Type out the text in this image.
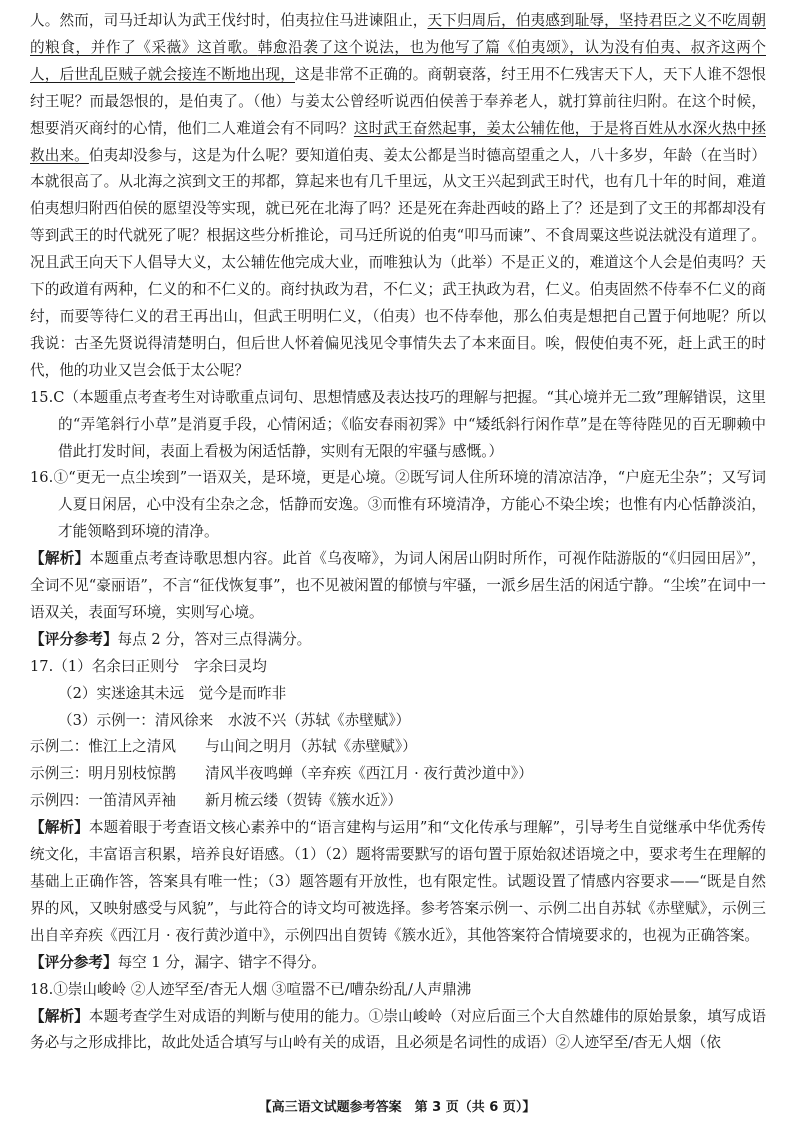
人。然而，司马迁却认为武王伐纣时，伯夷拉住马进谏阻止，天下归周后，伯夷感到耻辱，坚持君臣之义不吃周朝的粮食，并作了《采薇》这首歌。韩愈沿袭了这个说法，也为他写了篇《伯夷颂》，认为没有伯夷、叔齐这两个人，后世乱臣贼子就会接连不断地出现，这是非常不正确的。商朝衰落，纣王用不仁残害天下人，天下人谁不怨恨纣王呢？而最怨恨的，是伯夷了。（他）与姜太公曾经听说西伯侯善于奉养老人，就打算前往归附。在这个时候，想要消灭商纣的心情，他们二人难道会有不同吗？这时武王奋然起事，姜太公辅佐他，于是将百姓从水深火热中拯救出来。伯夷却没参与，这是为什么呢？要知道伯夷、姜太公都是当时德高望重之人，八十多岁，年龄（在当时）本就很高了。从北海之滨到文王的邦都，算起来也有几千里远，从文王兴起到武王时代，也有几十年的时间，难道伯夷想归附西伯侯的愿望没等实现，就已死在北海了吗？还是死在奔赴西岐的路上了？还是到了文王的邦都却没有等到武王的时代就死了呢？根据这些分析推论，司马迁所说的伯夷“叩马而谏”、不食周粟这些说法就没有道理了。况且武王向天下人倡导大义，太公辅佐他完成大业，而唯独认为（此举）不是正义的，难道这个人会是伯夷吗？天下的政道有两种，仁义的和不仁义的。商纣执政为君，不仁义；武王执政为君，仁义。伯夷固然不侍奉不仁义的商纣，而要等待仁义的君王再出山，但武王明明仁义，（伯夷）也不侍奉他，那么伯夷是想把自己置于何地呢？所以我说：古圣先贤说得清楚明白，但后世人怀着偏见浅见令事情失去了本来面目。唉，假使伯夷不死，赶上武王的时代，他的功业又岂会低于太公呢？

15.C（本题重点考查考生对诗歌重点词句、思想情感及表达技巧的理解与把握。“其心境并无二致”理解错误，这里的“弄笔斜行小草”是消夏手段，心情闲适；《临安春雨初霁》中“矮纸斜行闲作草”是在等待陛见的百无聊赖中借此打发时间，表面上看极为闲适恬静，实则有无限的牢骚与感慨。）

16.①“更无一点尘埃到”一语双关，是环境，更是心境。②既写词人住所环境的清凉洁净，“户庭无尘杂”；又写词人夏日闲居，心中没有尘杂之念，恬静而安逸。③而惟有环境清净，方能心不染尘埃；也惟有内心恬静淡泊，才能领略到环境的清净。

【解析】本题重点考查诗歌思想内容。此首《乌夜啼》，为词人闲居山阴时所作，可视作陆游版的“《归园田居》”，全词不见“豪丽语”，不言“征伐恢复事”，也不见被闲置的郁愤与牢骚，一派乡居生活的闲适宁静。“尘埃”在词中一语双关，表面写环境，实则写心境。

【评分参考】每点 2 分，答对三点得满分。

17.（1）名余曰正则兮　字余曰灵均

（2）实迷途其未远　觉今是而昨非

（3）示例一：清风徐来　水波不兴（苏轼《赤壁赋》）

示例二：惟江上之清风　　与山间之明月（苏轼《赤壁赋》）

示例三：明月别枝惊鹊　　清风半夜鸣蝉（辛弃疾《西江月 · 夜行黄沙道中》）

示例四：一笛清风弄袖　　新月梳云缕（贺铸《簇水近》）

【解析】本题着眼于考查语文核心素养中的“语言建构与运用”和“文化传承与理解”，引导考生自觉继承中华优秀传统文化，丰富语言积累，培养良好语感。（1）（2）题将需要默写的语句置于原始叙述语境之中，要求考生在理解的基础上正确作答，答案具有唯一性；（3）题答题有开放性，也有限定性。试题设置了情感内容要求——“既是自然界的风，又映射感受与风貌”，与此符合的诗文均可被选择。参考答案示例一、示例二出自苏轼《赤壁赋》，示例三出自辛弃疾《西江月 · 夜行黄沙道中》，示例四出自贺铸《簇水近》，其他答案符合情境要求的，也视为正确答案。

【评分参考】每空 1 分，漏字、错字不得分。

18.①崇山峻岭 ②人迹罕至/杳无人烟 ③喧嚣不已/嘈杂纷乱/人声鼎沸

【解析】本题考查学生对成语的判断与使用的能力。①崇山峻岭（对应后面三个大自然雄伟的原始景象，填写成语务必与之形成排比，故此处适合填写与山岭有关的成语，且必须是名词性的成语）②人迹罕至/杳无人烟（依

【高三语文试题参考答案　第 3 页（共 6 页）】
